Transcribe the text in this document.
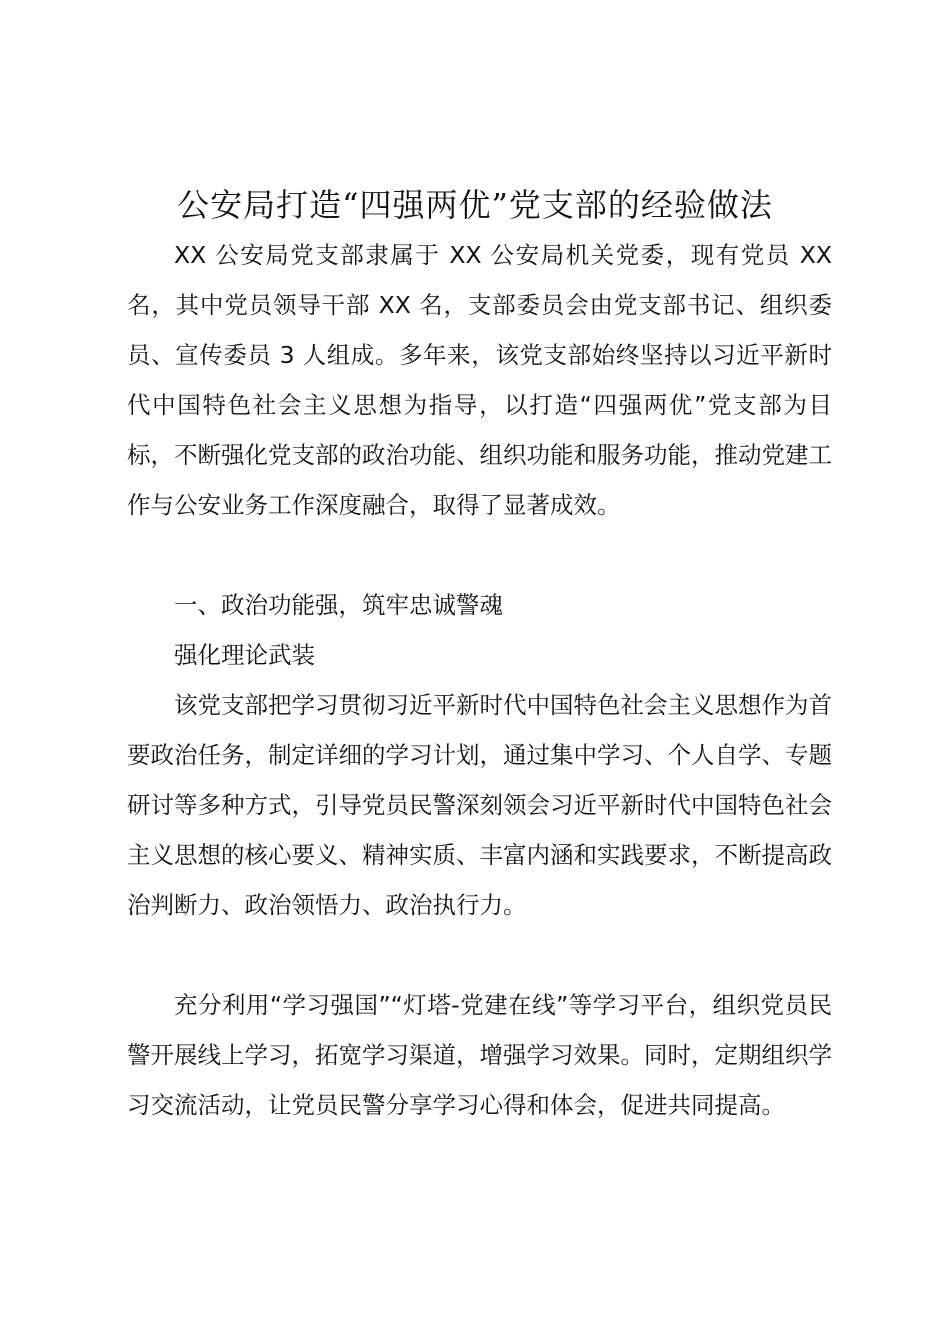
公安局打造“四强两优”党支部的经验做法

XX 公安局党支部隶属于 XX 公安局机关党委，现有党员 XX 名，其中党员领导干部 XX 名，支部委员会由党支部书记、组织委员、宣传委员 3 人组成。多年来，该党支部始终坚持以习近平新时代中国特色社会主义思想为指导，以打造“四强两优”党支部为目标，不断强化党支部的政治功能、组织功能和服务功能，推动党建工作与公安业务工作深度融合，取得了显著成效。

一、政治功能强，筑牢忠诚警魂

强化理论武装

该党支部把学习贯彻习近平新时代中国特色社会主义思想作为首要政治任务，制定详细的学习计划，通过集中学习、个人自学、专题研讨等多种方式，引导党员民警深刻领会习近平新时代中国特色社会主义思想的核心要义、精神实质、丰富内涵和实践要求，不断提高政治判断力、政治领悟力、政治执行力。

充分利用“学习强国”“灯塔-党建在线”等学习平台，组织党员民警开展线上学习，拓宽学习渠道，增强学习效果。同时，定期组织学习交流活动，让党员民警分享学习心得和体会，促进共同提高。
